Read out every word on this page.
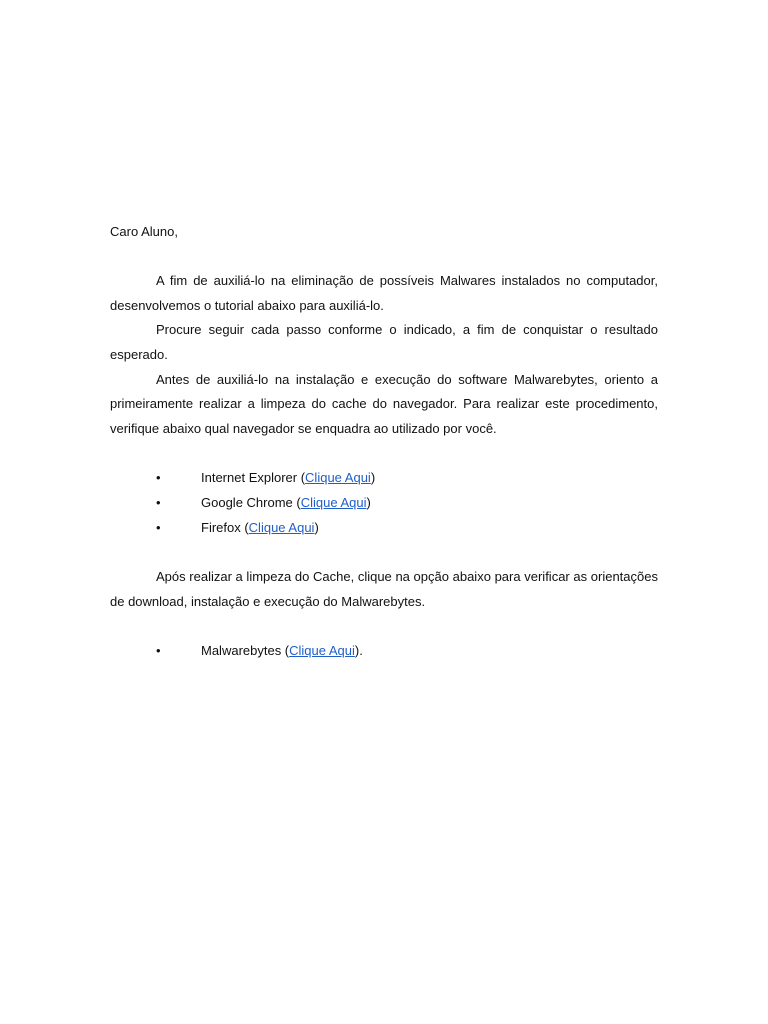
Caro Aluno,

A fim de auxiliá-lo na eliminação de possíveis Malwares instalados no computador, desenvolvemos o tutorial abaixo para auxiliá-lo.

Procure seguir cada passo conforme o indicado, a fim de conquistar o resultado esperado.

Antes de auxiliá-lo na instalação e execução do software Malwarebytes, oriento a primeiramente realizar a limpeza do cache do navegador. Para realizar este procedimento, verifique abaixo qual navegador se enquadra ao utilizado por você.

•	Internet Explorer (Clique Aqui)
•	Google Chrome (Clique Aqui)
•	Firefox (Clique Aqui)

Após realizar a limpeza do Cache, clique na opção abaixo para verificar as orientações de download, instalação e execução do Malwarebytes.

•	Malwarebytes (Clique Aqui).
